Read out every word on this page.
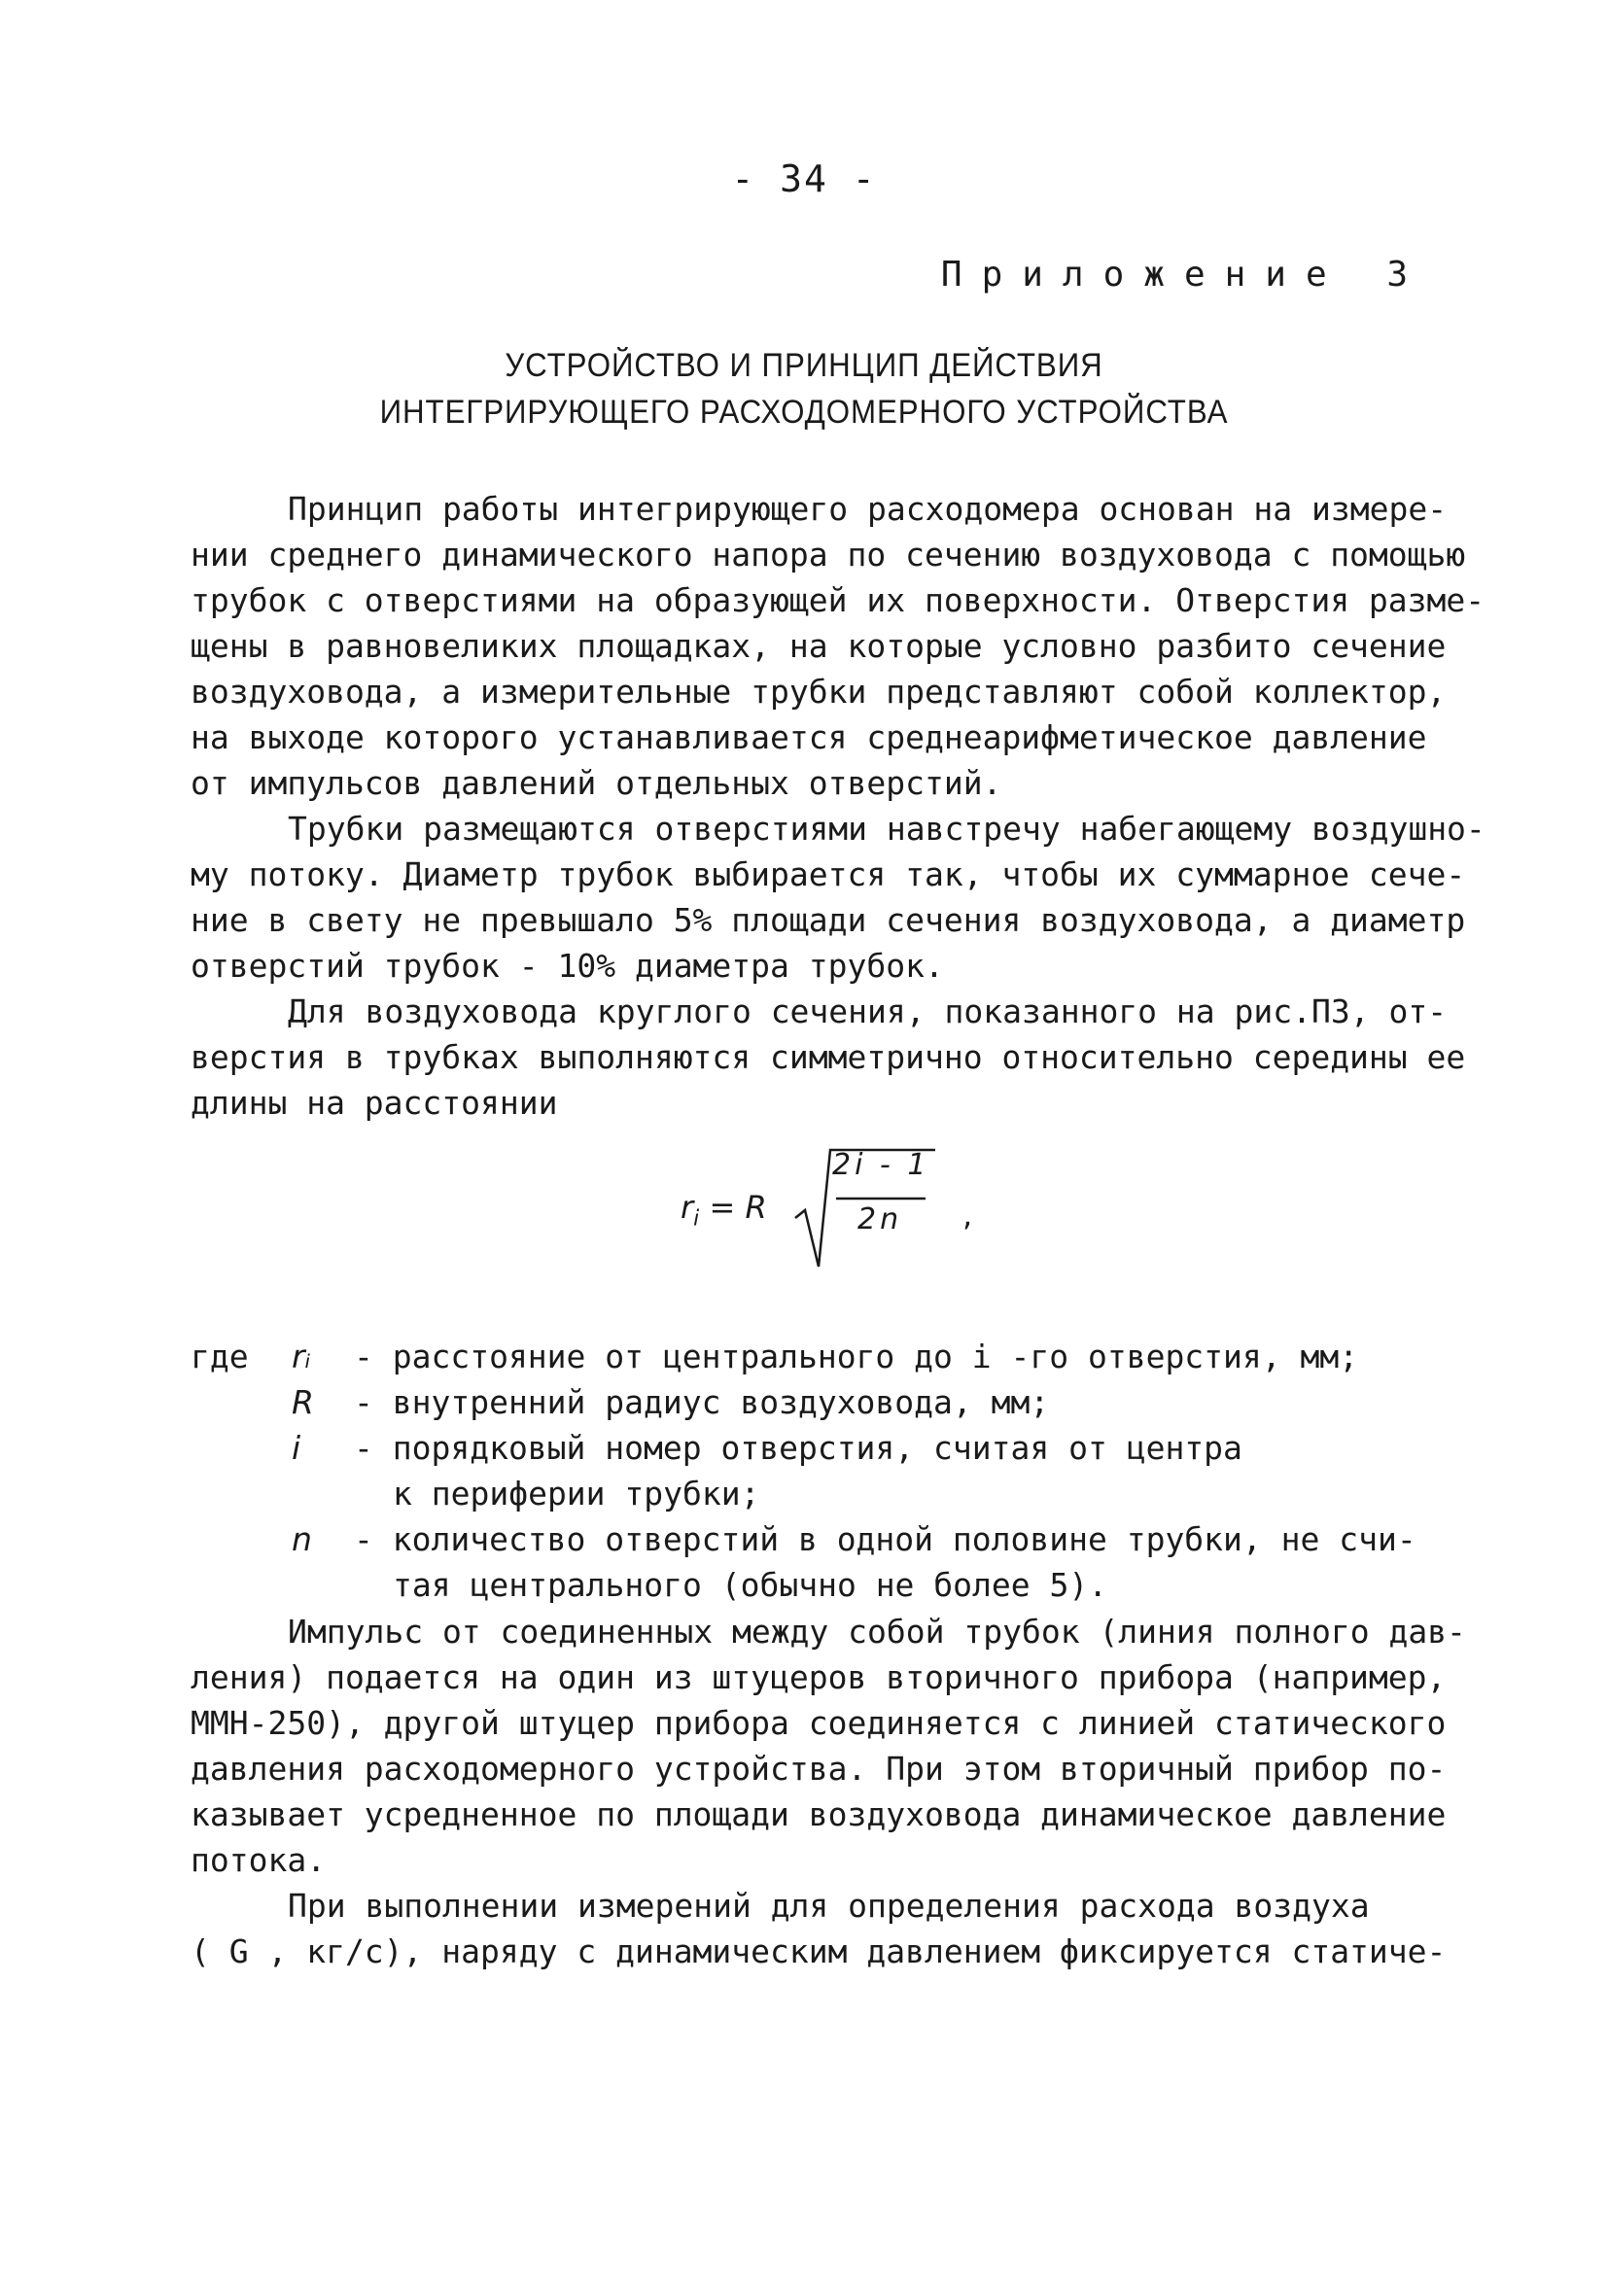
- 34 -
Приложение 3
УСТРОЙСТВО И ПРИНЦИП ДЕЙСТВИЯ
ИНТЕГРИРУЮЩЕГО РАСХОДОМЕРНОГО УСТРОЙСТВА
Принцип работы интегрирующего расходомера основан на измере-
нии среднего динамического напора по сечению воздуховода с помощью
трубок с отверстиями на образующей их поверхности. Отверстия разме-
щены в равновеликих площадках, на которые условно разбито сечение
воздуховода, а измерительные трубки представляют собой коллектор,
на выходе которого устанавливается среднеарифметическое давление
от импульсов давлений отдельных отверстий.
Трубки размещаются отверстиями навстречу набегающему воздушно-
му потоку. Диаметр трубок выбирается так, чтобы их суммарное сече-
ние в свету не превышало 5% площади сечения воздуховода, а диаметр
отверстий трубок - 10% диаметра трубок.
Для воздуховода круглого сечения, показанного на рис.П3, от-
верстия в трубках выполняются симметрично относительно середины ее
длины на расстоянии
$r_i = R$
2i - 1
2n ,
где rᵢ - расстояние от центрального до i -го отверстия, мм;
R - внутренний радиус воздуховода, мм;
i - порядковый номер отверстия, считая от центра
к периферии трубки;
n - количество отверстий в одной половине трубки, не счи-
тая центрального (обычно не более 5).
Импульс от соединенных между собой трубок (линия полного дав-
ления) подается на один из штуцеров вторичного прибора (например,
ММН-250), другой штуцер прибора соединяется с линией статического
давления расходомерного устройства. При этом вторичный прибор по-
казывает усредненное по площади воздуховода динамическое давление
потока.
При выполнении измерений для определения расхода воздуха
( G , кг/с), наряду с динамическим давлением фиксируется статиче-
